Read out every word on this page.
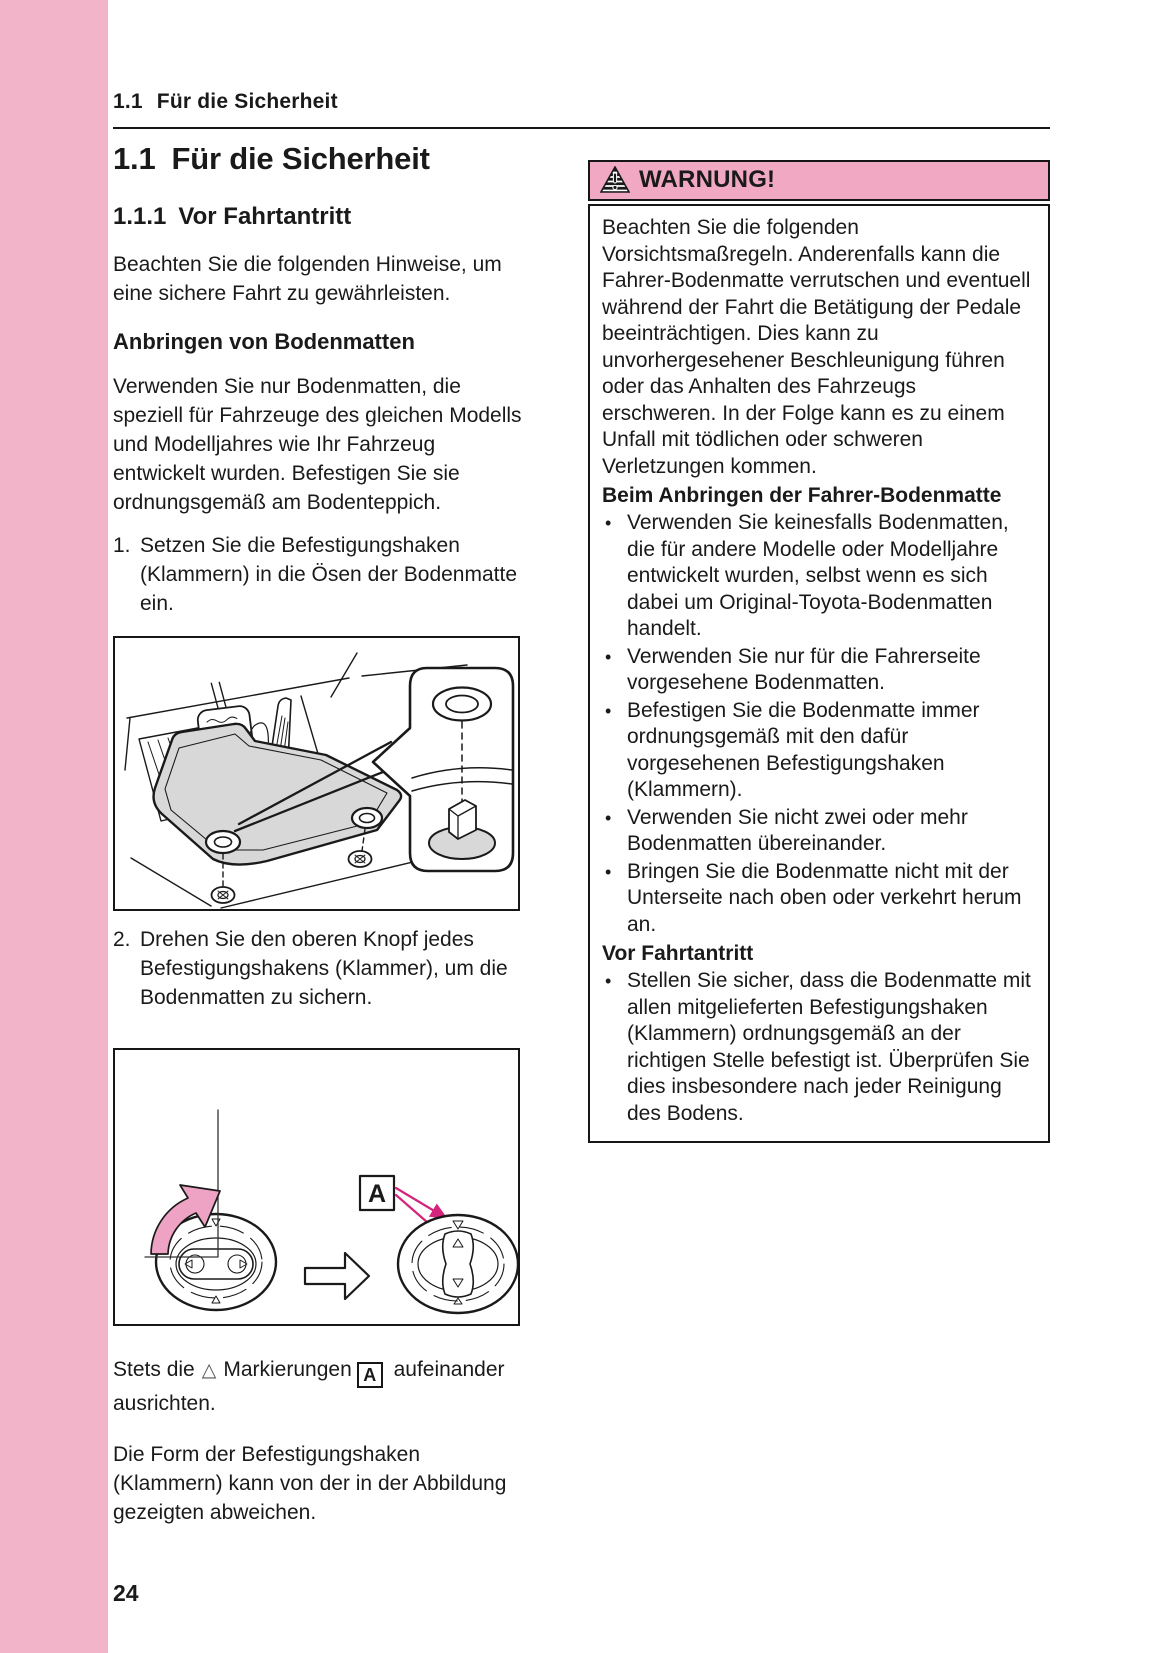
1.1 Für die Sicherheit
1.1 Für die Sicherheit
1.1.1 Vor Fahrtantritt

Beachten Sie die folgenden Hinweise, um eine sichere Fahrt zu gewährleisten.

Anbringen von Bodenmatten

Verwenden Sie nur Bodenmatten, die speziell für Fahrzeuge des gleichen Modells und Modelljahres wie Ihr Fahrzeug entwickelt wurden. Befestigen Sie sie ordnungsgemäß am Bodenteppich.

1. Setzen Sie die Befestigungshaken (Klammern) in die Ösen der Bodenmatte ein.
2. Drehen Sie den oberen Knopf jedes Befestigungshakens (Klammer), um die Bodenmatten zu sichern.
A
Stets die △ Markierungen A aufeinander ausrichten.

Die Form der Befestigungshaken (Klammern) kann von der in der Abbildung gezeigten abweichen.

WARNUNG!

Beachten Sie die folgenden Vorsichtsmaßregeln. Anderenfalls kann die Fahrer-Bodenmatte verrutschen und eventuell während der Fahrt die Betätigung der Pedale beeinträchtigen. Dies kann zu unvorhergesehener Beschleunigung führen oder das Anhalten des Fahrzeugs erschweren. In der Folge kann es zu einem Unfall mit tödlichen oder schweren Verletzungen kommen.

Beim Anbringen der Fahrer-Bodenmatte
• Verwenden Sie keinesfalls Bodenmatten, die für andere Modelle oder Modelljahre entwickelt wurden, selbst wenn es sich dabei um Original-Toyota-Bodenmatten handelt.
• Verwenden Sie nur für die Fahrerseite vorgesehene Bodenmatten.
• Befestigen Sie die Bodenmatte immer ordnungsgemäß mit den dafür vorgesehenen Befestigungshaken (Klammern).
• Verwenden Sie nicht zwei oder mehr Bodenmatten übereinander.
• Bringen Sie die Bodenmatte nicht mit der Unterseite nach oben oder verkehrt herum an.
Vor Fahrtantritt
• Stellen Sie sicher, dass die Bodenmatte mit allen mitgelieferten Befestigungshaken (Klammern) ordnungsgemäß an der richtigen Stelle befestigt ist. Überprüfen Sie dies insbesondere nach jeder Reinigung des Bodens.
24
